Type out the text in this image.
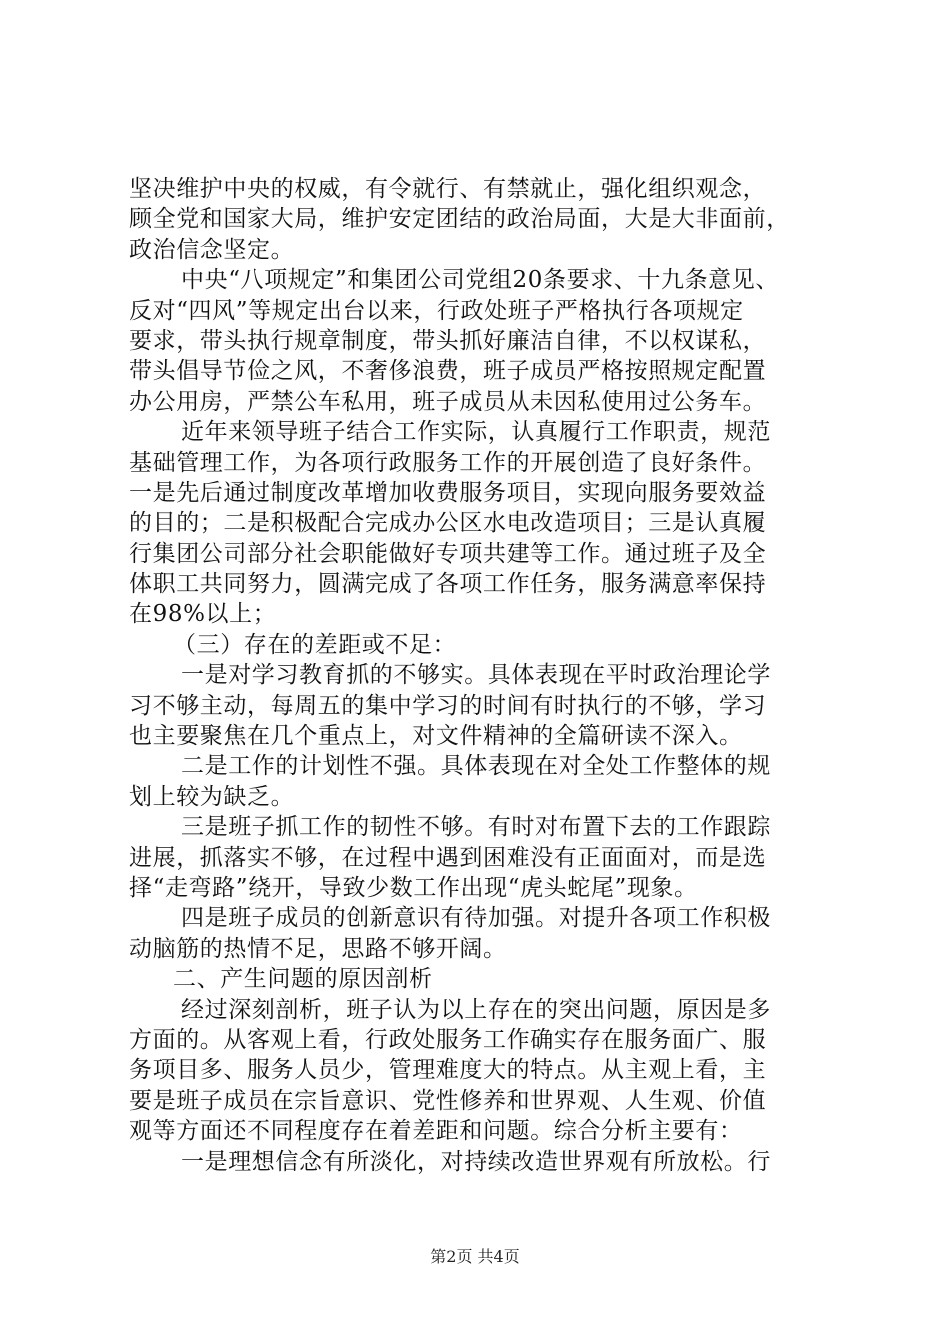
坚决维护中央的权威，有令就行、有禁就止，强化组织观念，
顾全党和国家大局，维护安定团结的政治局面，大是大非面前，
政治信念坚定。
中央“八项规定”和集团公司党组20条要求、十九条意见、
反对“四风”等规定出台以来，行政处班子严格执行各项规定
要求，带头执行规章制度，带头抓好廉洁自律，不以权谋私，
带头倡导节俭之风，不奢侈浪费，班子成员严格按照规定配置
办公用房，严禁公车私用，班子成员从未因私使用过公务车。
近年来领导班子结合工作实际，认真履行工作职责，规范
基础管理工作，为各项行政服务工作的开展创造了良好条件。
一是先后通过制度改革增加收费服务项目，实现向服务要效益
的目的；二是积极配合完成办公区水电改造项目；三是认真履
行集团公司部分社会职能做好专项共建等工作。通过班子及全
体职工共同努力，圆满完成了各项工作任务，服务满意率保持
在98%以上；
（三）存在的差距或不足：
一是对学习教育抓的不够实。具体表现在平时政治理论学
习不够主动，每周五的集中学习的时间有时执行的不够，学习
也主要聚焦在几个重点上，对文件精神的全篇研读不深入。
二是工作的计划性不强。具体表现在对全处工作整体的规
划上较为缺乏。
三是班子抓工作的韧性不够。有时对布置下去的工作跟踪
进展，抓落实不够，在过程中遇到困难没有正面面对，而是选
择“走弯路”绕开，导致少数工作出现“虎头蛇尾”现象。
四是班子成员的创新意识有待加强。对提升各项工作积极
动脑筋的热情不足，思路不够开阔。
二、产生问题的原因剖析
经过深刻剖析，班子认为以上存在的突出问题，原因是多
方面的。从客观上看，行政处服务工作确实存在服务面广、服
务项目多、服务人员少，管理难度大的特点。从主观上看，主
要是班子成员在宗旨意识、党性修养和世界观、人生观、价值
观等方面还不同程度存在着差距和问题。综合分析主要有：
一是理想信念有所淡化，对持续改造世界观有所放松。行
第2页 共4页
